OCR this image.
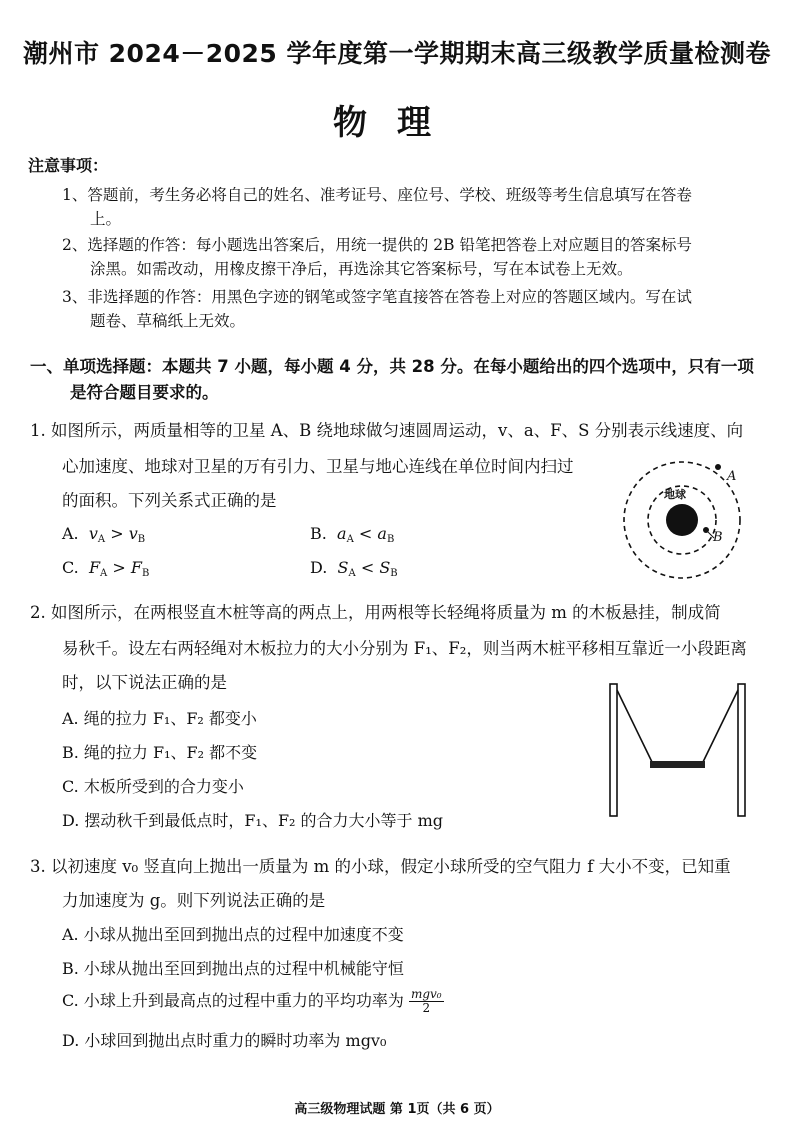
潮州市 2024－2025 学年度第一学期期末高三级教学质量检测卷
物理
注意事项：
1、答题前，考生务必将自己的姓名、准考证号、座位号、学校、班级等考生信息填写在答卷
上。
2、选择题的作答：每小题选出答案后，用统一提供的 2B 铅笔把答卷上对应题目的答案标号
涂黑。如需改动，用橡皮擦干净后，再选涂其它答案标号，写在本试卷上无效。
3、非选择题的作答：用黑色字迹的钢笔或签字笔直接答在答卷上对应的答题区域内。写在试
题卷、草稿纸上无效。
一、单项选择题：本题共 7 小题，每小题 4 分，共 28 分。在每小题给出的四个选项中，只有一项
是符合题目要求的。
1. 如图所示，两质量相等的卫星 A、B 绕地球做匀速圆周运动，v、a、F、S 分别表示线速度、向
心加速度、地球对卫星的万有引力、卫星与地心连线在单位时间内扫过
的面积。下列关系式正确的是
A. $v_A > v_B$	B. $a_A < a_B$
C. $F_A > F_B$	D. $S_A < S_B$
地球
A
B
2. 如图所示，在两根竖直木桩等高的两点上，用两根等长轻绳将质量为 m 的木板悬挂，制成简
易秋千。设左右两轻绳对木板拉力的大小分别为 F₁、F₂，则当两木桩平移相互靠近一小段距离
时，以下说法正确的是
A. 绳的拉力 F₁、F₂ 都变小
B. 绳的拉力 F₁、F₂ 都不变
C. 木板所受到的合力变小
D. 摆动秋千到最低点时，F₁、F₂ 的合力大小等于 mg
3. 以初速度 v₀ 竖直向上抛出一质量为 m 的小球，假定小球所受的空气阻力 f 大小不变，已知重
力加速度为 g。则下列说法正确的是
A. 小球从抛出至回到抛出点的过程中加速度不变
B. 小球从抛出至回到抛出点的过程中机械能守恒
C. 小球上升到最高点的过程中重力的平均功率为 $\frac{\text{mgv₀}}{2}$
D. 小球回到抛出点时重力的瞬时功率为 mgv₀
高三级物理试题 第 1页（共 6 页）
